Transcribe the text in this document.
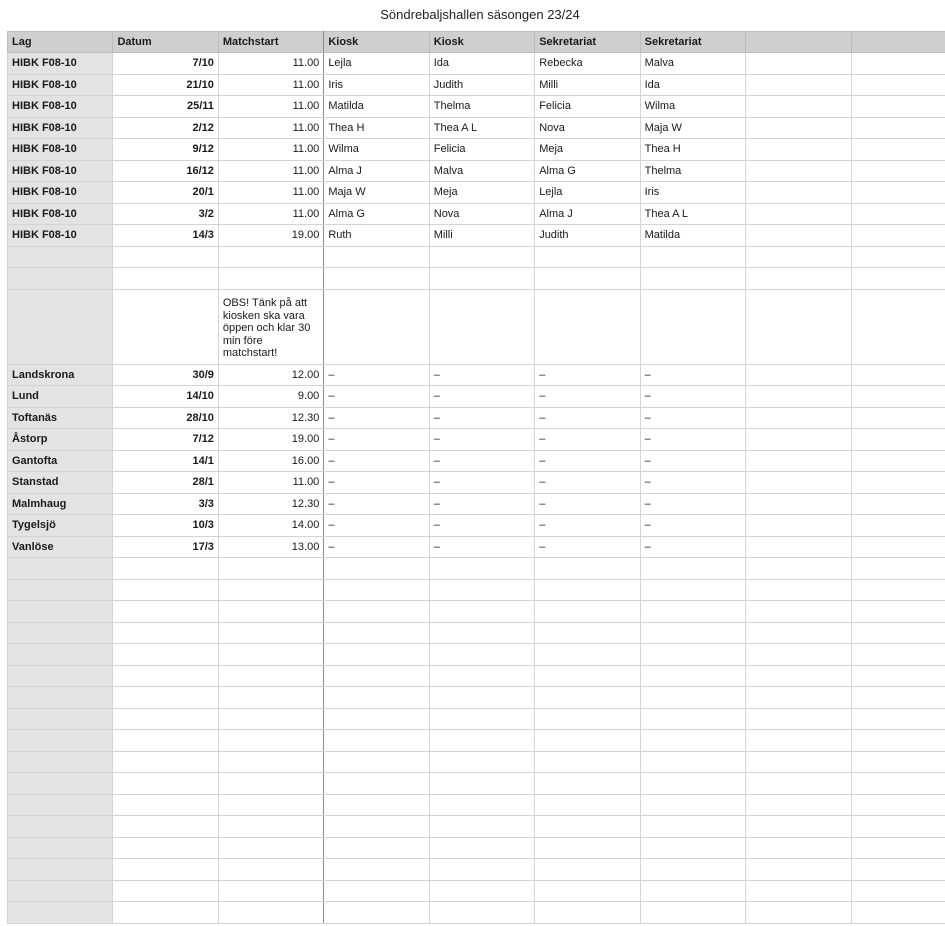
Söndrebaljshallen säsongen 23/24
Lag	Datum	Matchstart	Kiosk	Kiosk	Sekretariat	Sekretariat		
HIBK F08-10	7/10	11.00	Lejla	Ida	Rebecka	Malva		
HIBK F08-10	21/10	11.00	Iris	Judith	Milli	Ida		
HIBK F08-10	25/11	11.00	Matilda	Thelma	Felicia	Wilma		
HIBK F08-10	2/12	11.00	Thea H	Thea A L	Nova	Maja W		
HIBK F08-10	9/12	11.00	Wilma	Felicia	Meja	Thea H		
HIBK F08-10	16/12	11.00	Alma J	Malva	Alma G	Thelma		
HIBK F08-10	20/1	11.00	Maja W	Meja	Lejla	Iris		
HIBK F08-10	3/2	11.00	Alma G	Nova	Alma J	Thea A L		
HIBK F08-10	14/3	19.00	Ruth	Milli	Judith	Matilda		

		OBS! Tänk på att kiosken ska vara öppen och klar 30 min före matchstart!						
Landskrona	30/9	12.00	–	–	–	–		
Lund	14/10	9.00	–	–	–	–		
Toftanäs	28/10	12.30	–	–	–	–		
Åstorp	7/12	19.00	–	–	–	–		
Gantofta	14/1	16.00	–	–	–	–		
Stanstad	28/1	11.00	–	–	–	–		
Malmhaug	3/3	12.30	–	–	–	–		
Tygelsjö	10/3	14.00	–	–	–	–		
Vanlöse	17/3	13.00	–	–	–	–		
